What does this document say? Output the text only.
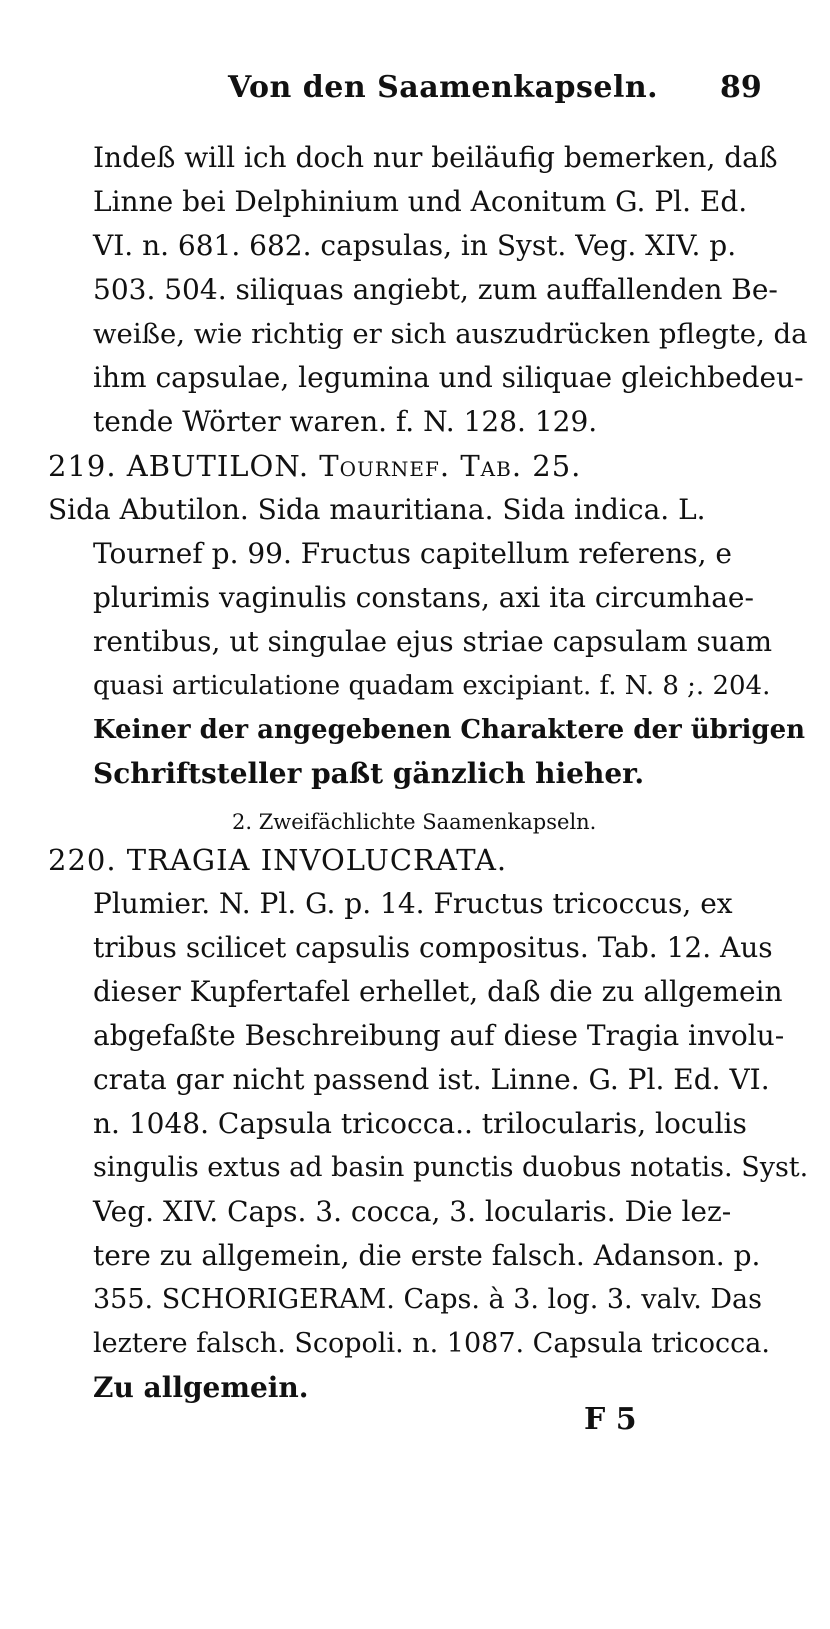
Von den Saamenkapseln. 89
Indeß will ich doch nur beiläufig bemerken, daß
Linne bei Delphinium und Aconitum G. Pl. Ed.
VI. n. 681. 682. capsulas, in Syst. Veg. XIV. p.
503. 504. siliquas angiebt, zum auffallenden Be-
weiße, wie richtig er sich auszudrücken pflegte, da
ihm capsulae, legumina und siliquae gleichbedeu-
tende Wörter waren. f. N. 128. 129.
219. ABUTILON. Tournef. Tab. 25.
Sida Abutilon. Sida mauritiana. Sida indica. L.
Tournef p. 99. Fructus capitellum referens, e
plurimis vaginulis constans, axi ita circumhae-
rentibus, ut singulae ejus striae capsulam suam
quasi articulatione quadam excipiant. f. N. 8 ;. 204.
Keiner der angegebenen Charaktere der übrigen
Schriftsteller paßt gänzlich hieher.
2. Zweifächlichte Saamenkapseln.
220. TRAGIA INVOLUCRATA.
Plumier. N. Pl. G. p. 14. Fructus tricoccus, ex
tribus scilicet capsulis compositus. Tab. 12. Aus
dieser Kupfertafel erhellet, daß die zu allgemein
abgefaßte Beschreibung auf diese Tragia involu-
crata gar nicht passend ist. Linne. G. Pl. Ed. VI.
n. 1048. Capsula tricocca.. trilocularis, loculis
singulis extus ad basin punctis duobus notatis. Syst.
Veg. XIV. Caps. 3. cocca, 3. locularis. Die lez-
tere zu allgemein, die erste falsch. Adanson. p.
355. SCHORIGERAM. Caps. à 3. log. 3. valv. Das
leztere falsch. Scopoli. n. 1087. Capsula tricocca.
Zu allgemein.
F 5
